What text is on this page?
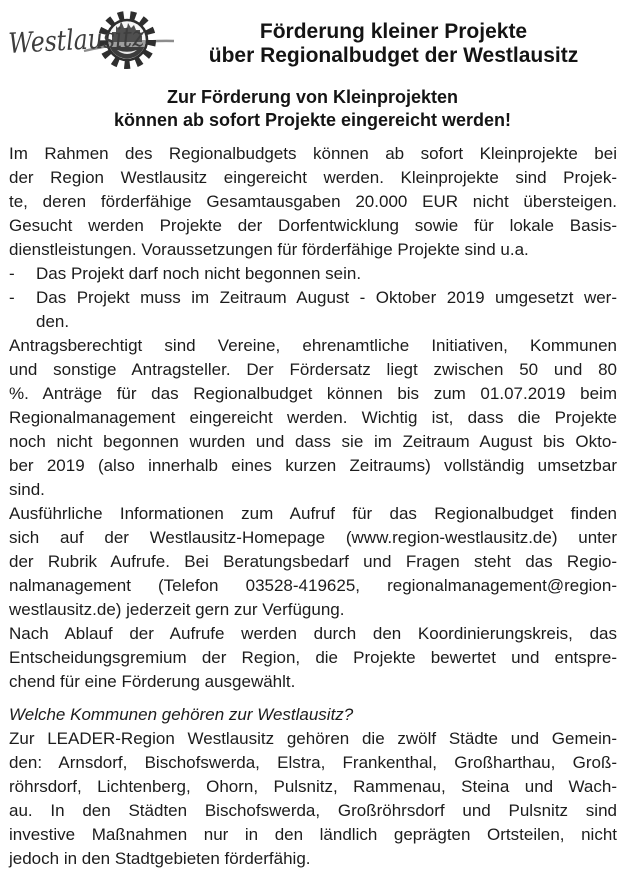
Westlausitz	Förderung kleiner Projekte
über Regionalbudget der Westlausitz
Zur Förderung von Kleinprojekten
können ab sofort Projekte eingereicht werden!
Im Rahmen des Regionalbudgets können ab sofort Kleinprojekte bei
der Region Westlausitz eingereicht werden. Kleinprojekte sind Projek-
te, deren förderfähige Gesamtausgaben 20.000 EUR nicht übersteigen.
Gesucht werden Projekte der Dorfentwicklung sowie für lokale Basis-
dienstleistungen. Voraussetzungen für förderfähige Projekte sind u.a.
-	Das Projekt darf noch nicht begonnen sein.
-	Das Projekt muss im Zeitraum August - Oktober 2019 umgesetzt wer-
den.
Antragsberechtigt sind Vereine, ehrenamtliche Initiativen, Kommunen
und sonstige Antragsteller. Der Fördersatz liegt zwischen 50 und 80
%. Anträge für das Regionalbudget können bis zum 01.07.2019 beim
Regionalmanagement eingereicht werden. Wichtig ist, dass die Projekte
noch nicht begonnen wurden und dass sie im Zeitraum August bis Okto-
ber 2019 (also innerhalb eines kurzen Zeitraums) vollständig umsetzbar
sind.
Ausführliche Informationen zum Aufruf für das Regionalbudget finden
sich auf der Westlausitz-Homepage (www.region-westlausitz.de) unter
der Rubrik Aufrufe. Bei Beratungsbedarf und Fragen steht das Regio-
nalmanagement (Telefon 03528-419625, regionalmanagement@region-
westlausitz.de) jederzeit gern zur Verfügung.
Nach Ablauf der Aufrufe werden durch den Koordinierungskreis, das
Entscheidungsgremium der Region, die Projekte bewertet und entspre-
chend für eine Förderung ausgewählt.
Welche Kommunen gehören zur Westlausitz?
Zur LEADER-Region Westlausitz gehören die zwölf Städte und Gemein-
den: Arnsdorf, Bischofswerda, Elstra, Frankenthal, Großharthau, Groß-
röhrsdorf, Lichtenberg, Ohorn, Pulsnitz, Rammenau, Steina und Wach-
au. In den Städten Bischofswerda, Großröhrsdorf und Pulsnitz sind
investive Maßnahmen nur in den ländlich geprägten Ortsteilen, nicht
jedoch in den Stadtgebieten förderfähig.
